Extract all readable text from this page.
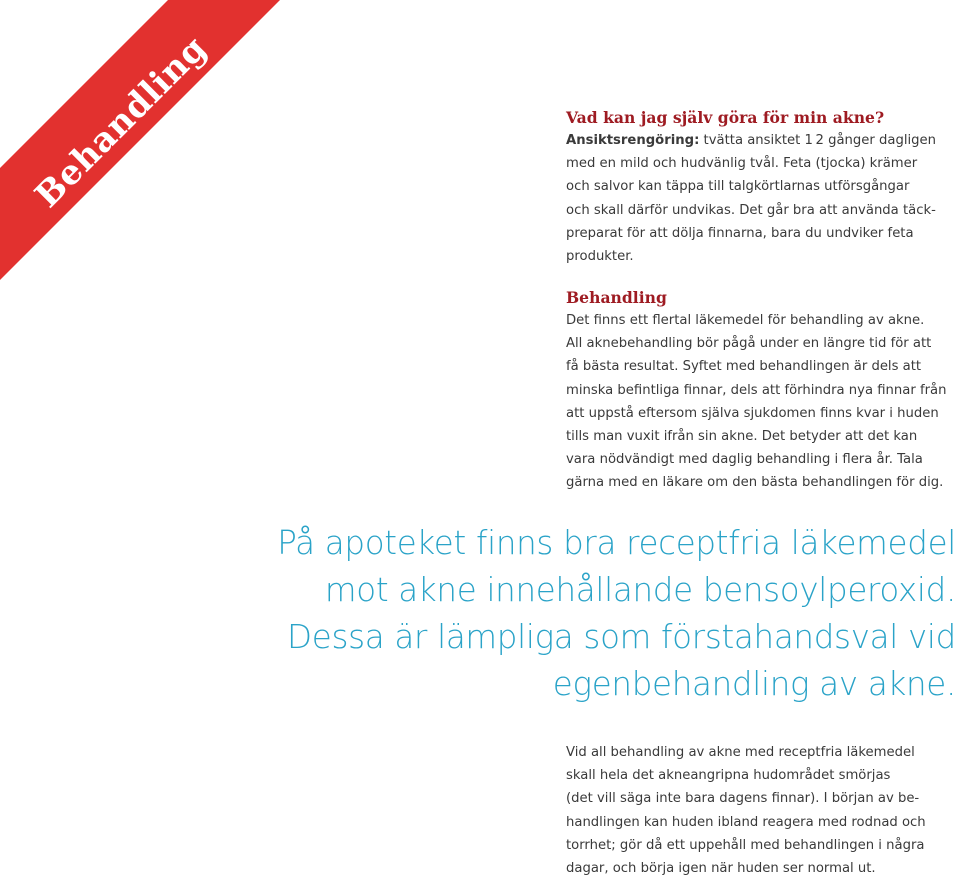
Behandling	Vad kan jag själv göra för min akne?

Ansiktsrengöring: tvätta ansiktet 1 2 gånger dagligen
med en mild och hudvänlig tvål. Feta (tjocka) krämer
och salvor kan täppa till talgkörtlarnas utförsgångar
och skall därför undvikas. Det går bra att använda täck-
preparat för att dölja finnarna, bara du undviker feta
produkter.

Behandling

Det finns ett flertal läkemedel för behandling av akne.
All aknebehandling bör pågå under en längre tid för att
få bästa resultat. Syftet med behandlingen är dels att
minska befintliga finnar, dels att förhindra nya finnar från
att uppstå eftersom själva sjukdomen finns kvar i huden
tills man vuxit ifrån sin akne. Det betyder att det kan
vara nödvändigt med daglig behandling i flera år. Tala
gärna med en läkare om den bästa behandlingen för dig.

På apoteket finns bra receptfria läkemedel
mot akne innehållande bensoylperoxid.
Dessa är lämpliga som förstahandsval vid
egenbehandling av akne.

Vid all behandling av akne med receptfria läkemedel
skall hela det akneangripna hudområdet smörjas
(det vill säga inte bara dagens finnar). I början av be-
handlingen kan huden ibland reagera med rodnad och
torrhet; gör då ett uppehåll med behandlingen i några
dagar, och börja igen när huden ser normal ut.
